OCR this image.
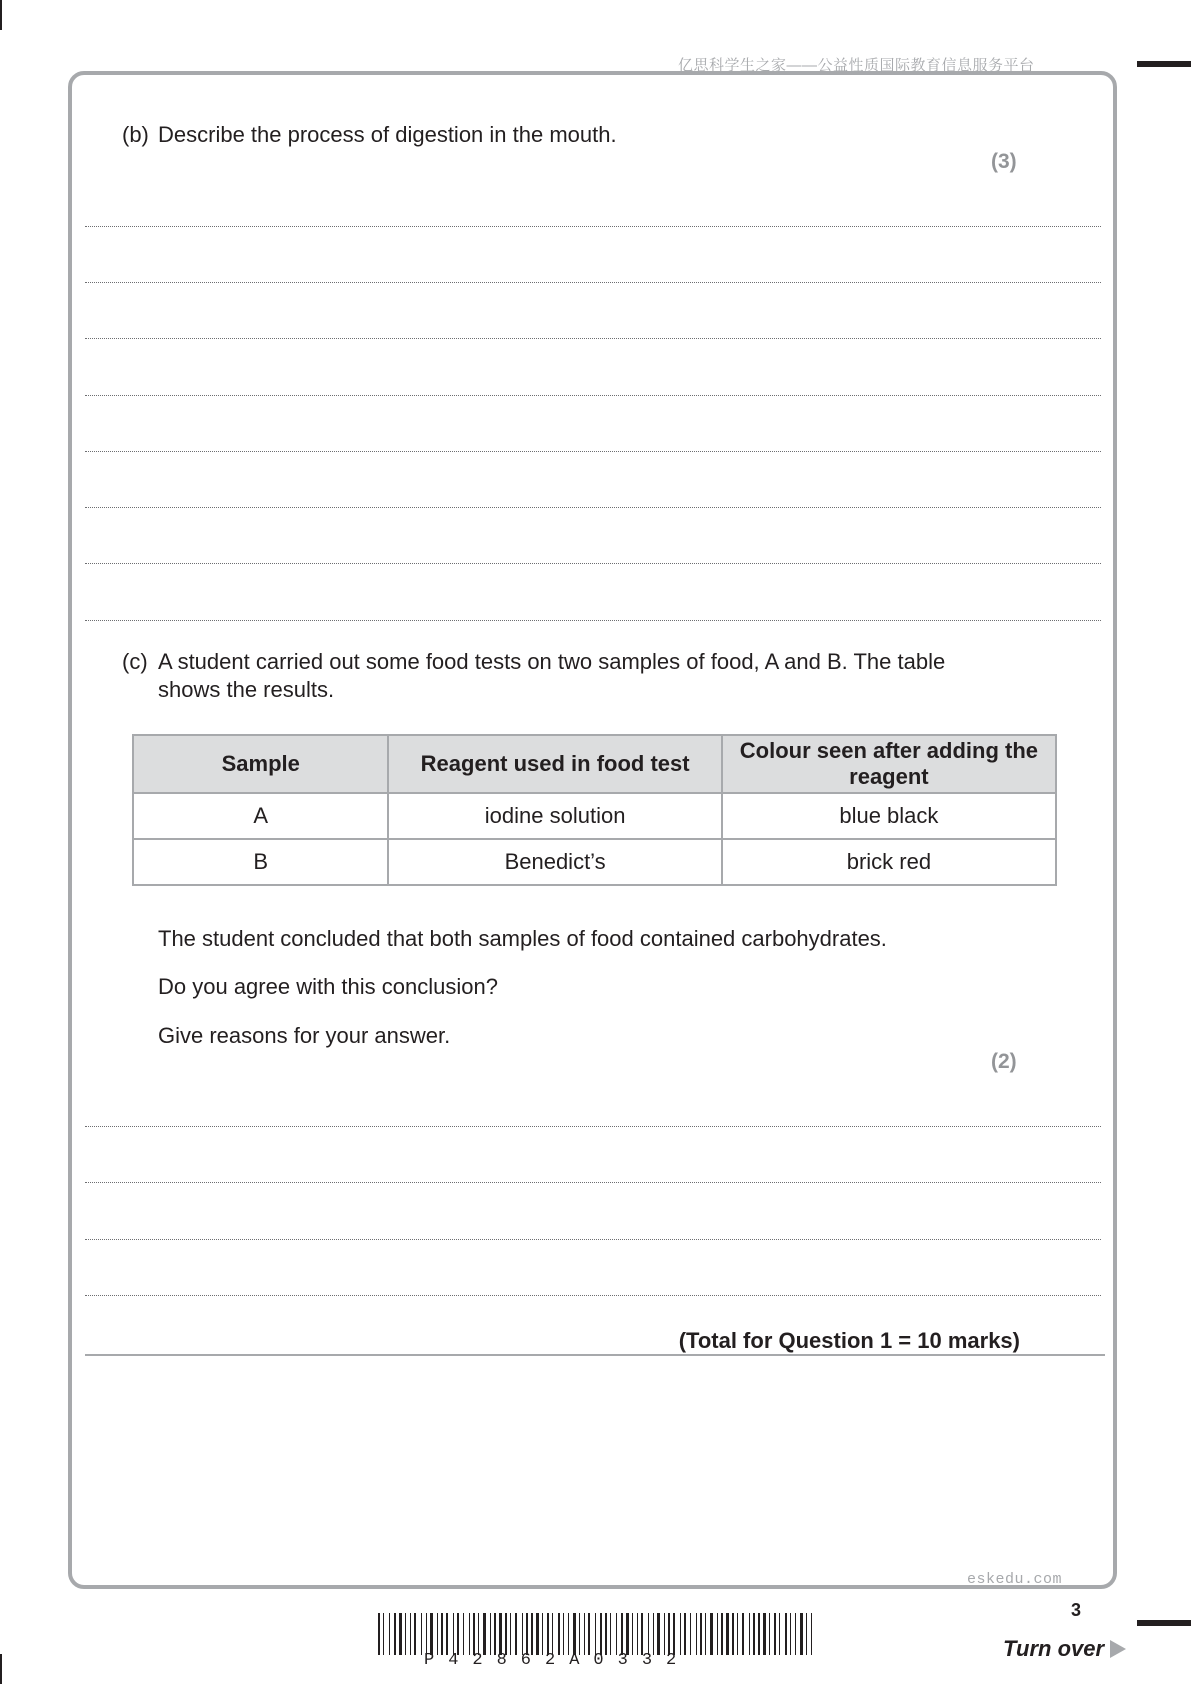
亿思科学生之家——公益性质国际教育信息服务平台
(b) Describe the process of digestion in the mouth.
(3)
(c) A student carried out some food tests on two samples of food, A and B. The table
shows the results.
Sample	Reagent used in food test	Colour seen after adding the reagent
A	iodine solution	blue black
B	Benedict’s	brick red
The student concluded that both samples of food contained carbohydrates.
Do you agree with this conclusion?
Give reasons for your answer.
(2)
(Total for Question 1 = 10 marks)
eskedu.com
3
P42862A0332	Turn over
